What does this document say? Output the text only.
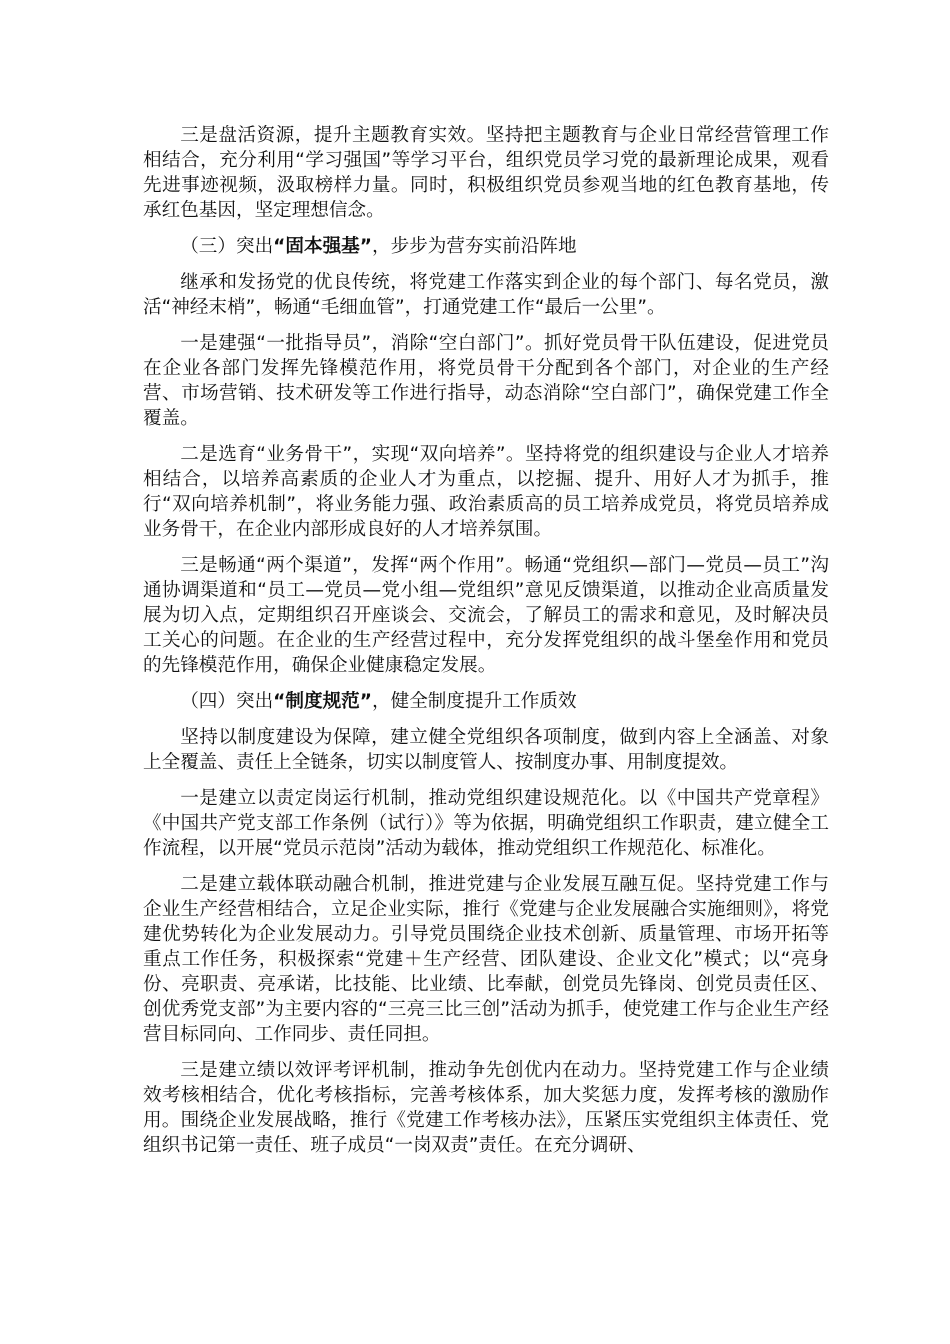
三是盘活资源，提升主题教育实效。坚持把主题教育与企业日常经营管理工作相结合，充分利用“学习强国”等学习平台，组织党员学习党的最新理论成果，观看先进事迹视频，汲取榜样力量。同时，积极组织党员参观当地的红色教育基地，传承红色基因，坚定理想信念。

（三）突出“固本强基”，步步为营夯实前沿阵地

继承和发扬党的优良传统，将党建工作落实到企业的每个部门、每名党员，激活“神经末梢”，畅通“毛细血管”，打通党建工作“最后一公里”。

一是建强“一批指导员”，消除“空白部门”。抓好党员骨干队伍建设，促进党员在企业各部门发挥先锋模范作用，将党员骨干分配到各个部门，对企业的生产经营、市场营销、技术研发等工作进行指导，动态消除“空白部门”，确保党建工作全覆盖。

二是选育“业务骨干”，实现“双向培养”。坚持将党的组织建设与企业人才培养相结合，以培养高素质的企业人才为重点，以挖掘、提升、用好人才为抓手，推行“双向培养机制”，将业务能力强、政治素质高的员工培养成党员，将党员培养成业务骨干，在企业内部形成良好的人才培养氛围。

三是畅通“两个渠道”，发挥“两个作用”。畅通“党组织—部门—党员—员工”沟通协调渠道和“员工—党员—党小组—党组织”意见反馈渠道，以推动企业高质量发展为切入点，定期组织召开座谈会、交流会，了解员工的需求和意见，及时解决员工关心的问题。在企业的生产经营过程中，充分发挥党组织的战斗堡垒作用和党员的先锋模范作用，确保企业健康稳定发展。

（四）突出“制度规范”，健全制度提升工作质效

坚持以制度建设为保障，建立健全党组织各项制度，做到内容上全涵盖、对象上全覆盖、责任上全链条，切实以制度管人、按制度办事、用制度提效。

一是建立以责定岗运行机制，推动党组织建设规范化。以《中国共产党章程》《中国共产党支部工作条例（试行）》等为依据，明确党组织工作职责，建立健全工作流程，以开展“党员示范岗”活动为载体，推动党组织工作规范化、标准化。

二是建立载体联动融合机制，推进党建与企业发展互融互促。坚持党建工作与企业生产经营相结合，立足企业实际，推行《党建与企业发展融合实施细则》，将党建优势转化为企业发展动力。引导党员围绕企业技术创新、质量管理、市场开拓等重点工作任务，积极探索“党建＋生产经营、团队建设、企业文化”模式；以“亮身份、亮职责、亮承诺，比技能、比业绩、比奉献，创党员先锋岗、创党员责任区、创优秀党支部”为主要内容的“三亮三比三创”活动为抓手，使党建工作与企业生产经营目标同向、工作同步、责任同担。

三是建立绩以效评考评机制，推动争先创优内在动力。坚持党建工作与企业绩效考核相结合，优化考核指标，完善考核体系，加大奖惩力度，发挥考核的激励作用。围绕企业发展战略，推行《党建工作考核办法》，压紧压实党组织主体责任、党组织书记第一责任、班子成员“一岗双责”责任。在充分调研、
